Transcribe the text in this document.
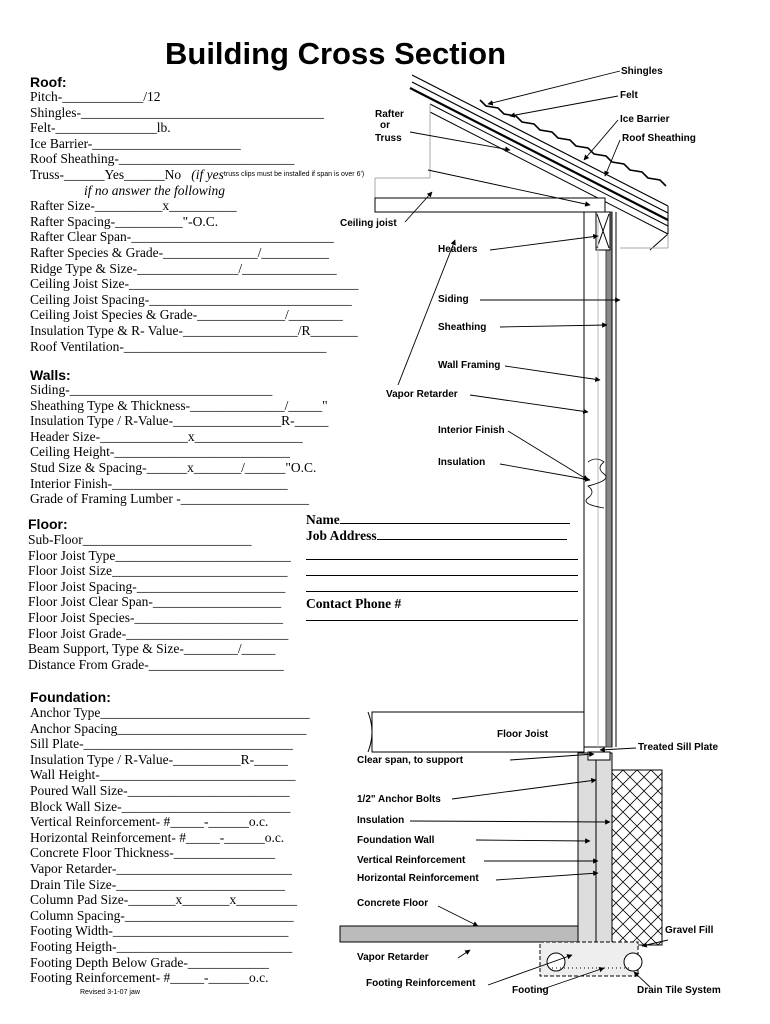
Building Cross Section
Roof:
Pitch-____________/12
Shingles-____________________________________
Felt-_______________lb.
Ice Barrier-______________________
Roof Sheathing-__________________________
Truss-______Yes______No (if yes$^{truss clips must be installed if span is over 6')}$
if no answer the following
Rafter Size-__________x__________
Rafter Spacing-__________"-O.C.
Rafter Clear Span-______________________________
Rafter Species & Grade-______________/__________
Ridge Type & Size-_______________/______________
Ceiling Joist Size-__________________________________
Ceiling Joist Spacing-______________________________
Ceiling Joist Species & Grade-_____________/________
Insulation Type & R- Value-_________________/R_______
Roof Ventilation-______________________________
Walls:
Siding-______________________________
Sheathing Type & Thickness-______________/_____"
Insulation Type / R-Value-________________R-_____
Header Size-_____________x________________
Ceiling Height-__________________________
Stud Size & Spacing-______x_______/______"O.C.
Interior Finish-__________________________
Grade of Framing Lumber -___________________
Floor:
Sub-Floor_________________________
Floor Joist Type__________________________
Floor Joist Size__________________________
Floor Joist Spacing-______________________
Floor Joist Clear Span-___________________
Floor Joist Species-______________________
Floor Joist Grade-________________________
Beam Support, Type & Size-________/_____
Distance From Grade-____________________
Foundation:
Anchor Type_______________________________
Anchor Spacing____________________________
Sill Plate-_______________________________
Insulation Type / R-Value-__________R-_____
Wall Height-_____________________________
Poured Wall Size-________________________
Block Wall Size-_________________________
Vertical Reinforcement- #_____-______o.c.
Horizontal Reinforcement- #_____-______o.c.
Concrete Floor Thickness-_______________
Vapor Retarder-__________________________
Drain Tile Size-_________________________
Column Pad Size-_______x_______x_________
Column Spacing-_________________________
Footing Width-__________________________
Footing Heigth-__________________________
Footing Depth Below Grade-____________
Footing Reinforcement- #_____-______o.c.
Revised 3-1-07 jaw
Name
Job Address
Contact Phone #
Shingles
Felt
Ice Barrier
Roof Sheathing
Rafter
or
Truss
Ceiling joist
Headers
Siding
Sheathing
Wall Framing
Vapor Retarder
Interior Finish
Insulation
Floor Joist
Treated Sill Plate
Clear span, to support
1/2" Anchor Bolts
Insulation
Foundation Wall
Vertical Reinforcement
Horizontal Reinforcement
Concrete Floor
Gravel Fill
Vapor Retarder
Footing Reinforcement
Footing	Drain Tile System
